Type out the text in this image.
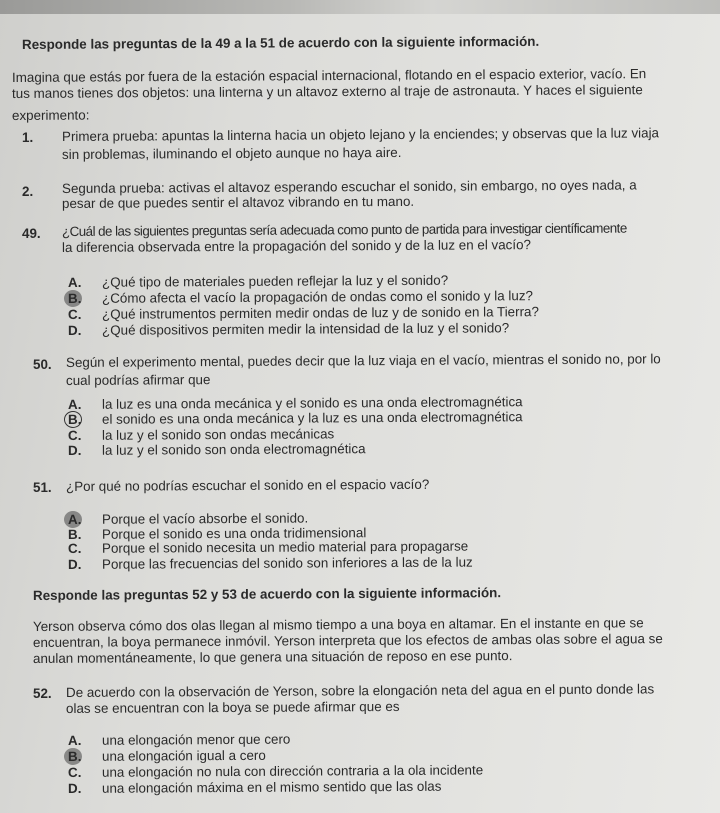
Responde las preguntas de la 49 a la 51 de acuerdo con la siguiente información.
Imagina que estás por fuera de la estación espacial internacional, flotando en el espacio exterior, vacío. En
tus manos tienes dos objetos: una linterna y un altavoz externo al traje de astronauta. Y haces el siguiente
experimento:
1. Primera prueba: apuntas la linterna hacia un objeto lejano y la enciendes; y observas que la luz viaja
sin problemas, iluminando el objeto aunque no haya aire.
2. Segunda prueba: activas el altavoz esperando escuchar el sonido, sin embargo, no oyes nada, a
pesar de que puedes sentir el altavoz vibrando en tu mano.
49. ¿Cuál de las siguientes preguntas sería adecuada como punto de partida para investigar científicamente
la diferencia observada entre la propagación del sonido y de la luz en el vacío?
A. ¿Qué tipo de materiales pueden reflejar la luz y el sonido?
B. ¿Cómo afecta el vacío la propagación de ondas como el sonido y la luz?
C. ¿Qué instrumentos permiten medir ondas de luz y de sonido en la Tierra?
D. ¿Qué dispositivos permiten medir la intensidad de la luz y el sonido?
50. Según el experimento mental, puedes decir que la luz viaja en el vacío, mientras el sonido no, por lo
cual podrías afirmar que
A. la luz es una onda mecánica y el sonido es una onda electromagnética
B. el sonido es una onda mecánica y la luz es una onda electromagnética
C. la luz y el sonido son ondas mecánicas
D. la luz y el sonido son onda electromagnética
51. ¿Por qué no podrías escuchar el sonido en el espacio vacío?
A. Porque el vacío absorbe el sonido.
B. Porque el sonido es una onda tridimensional
C. Porque el sonido necesita un medio material para propagarse
D. Porque las frecuencias del sonido son inferiores a las de la luz
Responde las preguntas 52 y 53 de acuerdo con la siguiente información.
Yerson observa cómo dos olas llegan al mismo tiempo a una boya en altamar. En el instante en que se
encuentran, la boya permanece inmóvil. Yerson interpreta que los efectos de ambas olas sobre el agua se
anulan momentáneamente, lo que genera una situación de reposo en ese punto.
52. De acuerdo con la observación de Yerson, sobre la elongación neta del agua en el punto donde las
olas se encuentran con la boya se puede afirmar que es
A. una elongación menor que cero
B. una elongación igual a cero
C. una elongación no nula con dirección contraria a la ola incidente
D. una elongación máxima en el mismo sentido que las olas
